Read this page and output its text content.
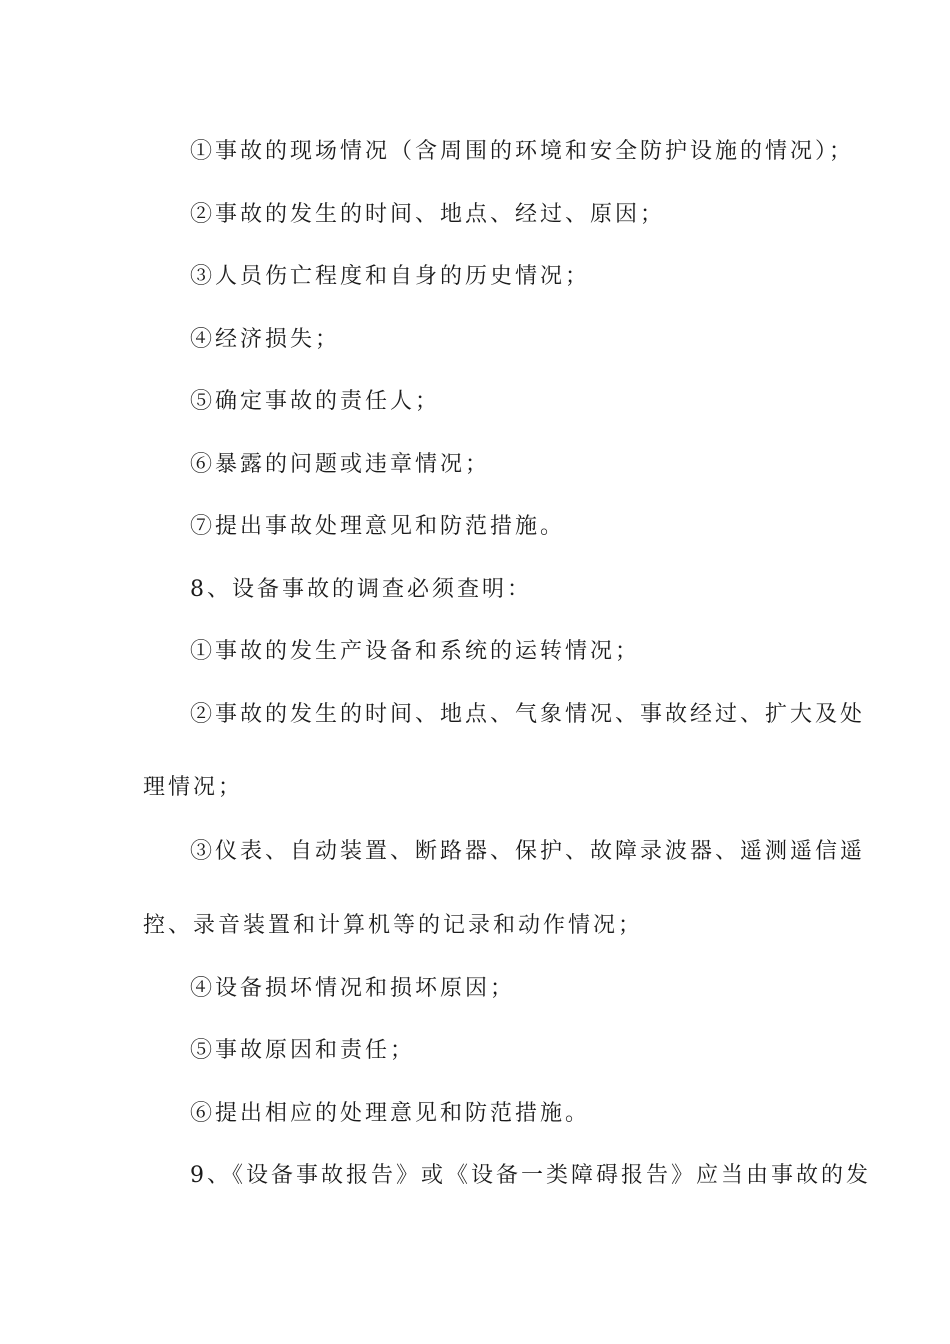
①事故的现场情况（含周围的环境和安全防护设施的情况）；
②事故的发生的时间、地点、经过、原因；
③人员伤亡程度和自身的历史情况；
④经济损失；
⑤确定事故的责任人；
⑥暴露的问题或违章情况；
⑦提出事故处理意见和防范措施。
8、设备事故的调查必须查明：
①事故的发生产设备和系统的运转情况；
②事故的发生的时间、地点、气象情况、事故经过、扩大及处
理情况；
③仪表、自动装置、断路器、保护、故障录波器、遥测遥信遥
控、录音装置和计算机等的记录和动作情况；
④设备损坏情况和损坏原因；
⑤事故原因和责任；
⑥提出相应的处理意见和防范措施。
9、《设备事故报告》或《设备一类障碍报告》应当由事故的发
